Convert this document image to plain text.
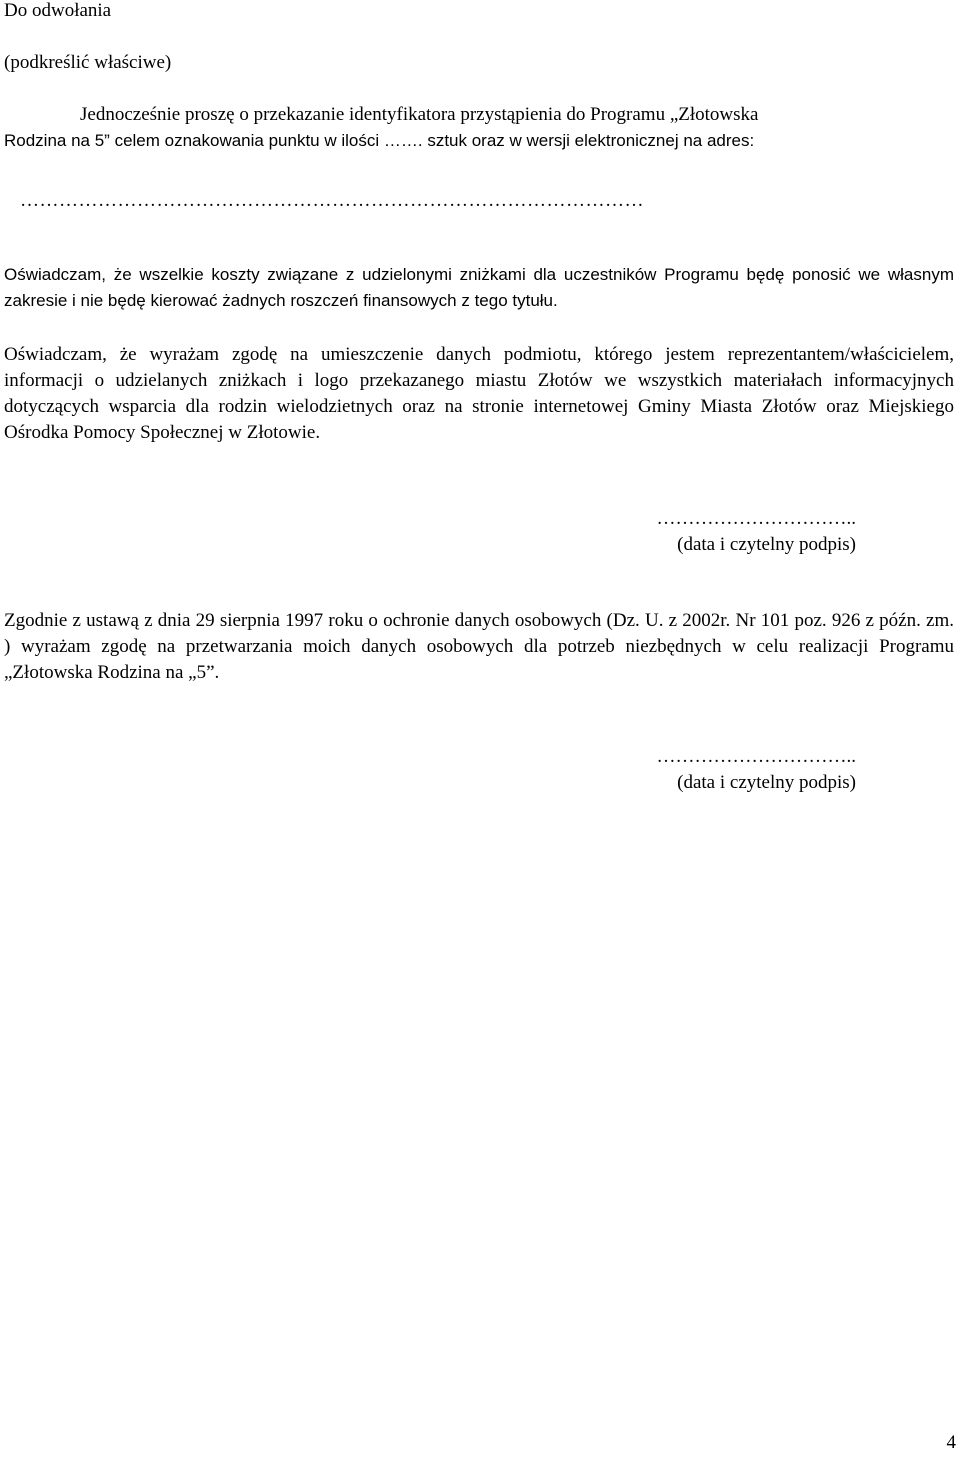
Do odwołania
(podkreślić właściwe)
Jednocześnie proszę o przekazanie identyfikatora przystąpienia do Programu „Złotowska
Rodzina na 5” celem oznakowania punktu w ilości ……. sztuk oraz w wersji elektronicznej na adres:
……………………………………………………………………………………
Oświadczam, że wszelkie koszty związane z udzielonymi zniżkami dla uczestników Programu będę ponosić we własnym zakresie i nie będę kierować żadnych roszczeń finansowych z tego tytułu.
Oświadczam, że wyrażam zgodę na umieszczenie danych podmiotu, którego jestem reprezentantem/właścicielem, informacji o udzielanych zniżkach i logo przekazanego miastu Złotów we wszystkich materiałach informacyjnych dotyczących wsparcia dla rodzin wielodzietnych oraz na stronie internetowej Gminy Miasta Złotów oraz Miejskiego Ośrodka Pomocy Społecznej w Złotowie.
…………………………..
(data i czytelny podpis)
Zgodnie z ustawą z dnia 29 sierpnia 1997 roku o ochronie danych osobowych (Dz. U. z 2002r. Nr 101 poz. 926 z późn. zm. ) wyrażam zgodę na przetwarzania moich danych osobowych dla potrzeb niezbędnych w celu realizacji Programu „Złotowska Rodzina na „5”.
…………………………..
(data i czytelny podpis)
4
